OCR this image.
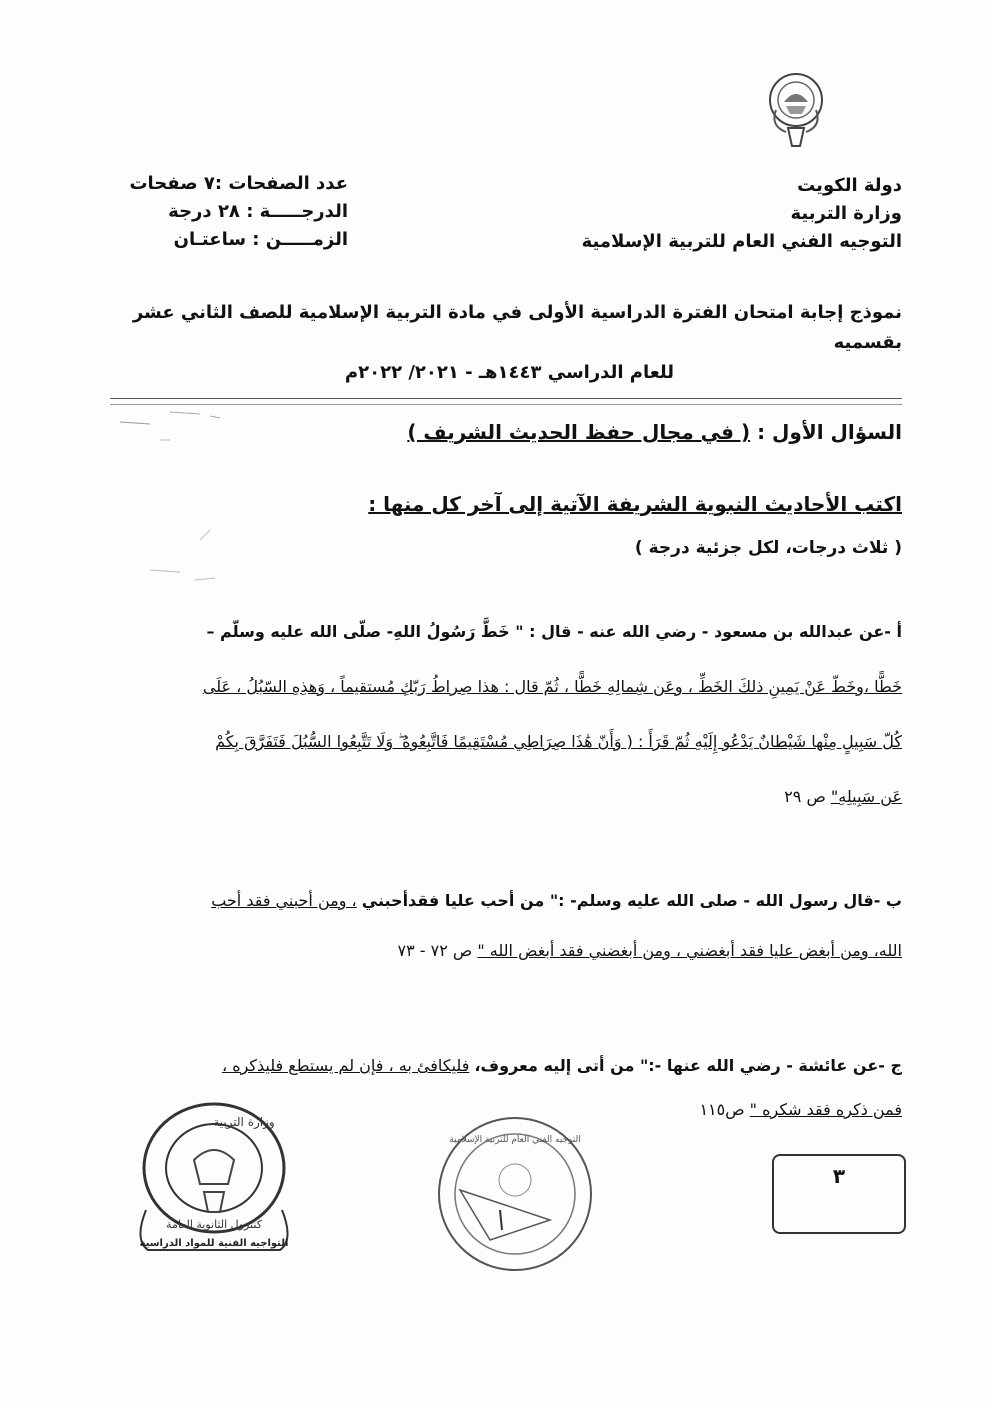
دولة الكويت
وزارة التربية
التوجيه الفني العام للتربية الإسلامية
عدد الصفحات :٧ صفحات
الدرجـــــة : ٢٨ درجة
الزمـــــن : ساعتـان
نموذج إجابة امتحان الفترة الدراسية الأولى في مادة التربية الإسلامية للصف الثاني عشر بقسميه
للعام الدراسي ١٤٤٣هـ - ٢٠٢١/ ٢٠٢٢م
السؤال الأول : ( في مجال حفظ الحديث الشريف )
اكتب الأحاديث النبوية الشريفة الآتية إلى آخر كل منها :
( ثلاث درجات، لكل جزئية درجة )
أ -عن عبدالله بن مسعود - رضي الله عنه - قال : " خَطَّ رَسُولُ اللهِ- صلّى الله عليه وسلّم – خَطًّا ،وخَطّ عَنْ يَمِينِ ذلكَ الخَطِّ ، وعَن شِمالِهِ خَطًّا ، ثُمّ قال : هذا صِراطُ رَبّكِ مُستقيماً ، وَهذِهِ السّبُلُ ، عَلَى كُلّ سَبِيلٍ مِنْها شَيْطانٌ يَدْعُو إِلَيْهِ ثُمّ قَرَأَ : ( وَأَنّ هَٰذَا صِرَاطِي مُسْتَقِيمًا فَاتَّبِعُوهُ ۖ وَلَا تَتَّبِعُوا السُّبُلَ فَتَفَرَّقَ بِكُمْ عَن سَبِيلِهِ" ص ٢٩
ب -قال رسول الله - صلى الله عليه وسلم- :" من أحب عليا فقدأحبني ، ومن أحبني فقد أحب الله، ومن أبغض عليا فقد أبغضني ، ومن أبغضني فقد أبغض الله " ص ٧٢ - ٧٣
ج -عن عائشة - رضي الله عنها -:" من أتى إليه معروف، فليكافئ به ، فإن لم يستطع فليذكره ، فمن ذكره فقد شكره " ص١١٥
وزارة التربية
كنترول الثانوية العامة
التواجيه الفنية للمواد الدراسية
التوجيه الفني العام للتربية الإسلامية
٣
